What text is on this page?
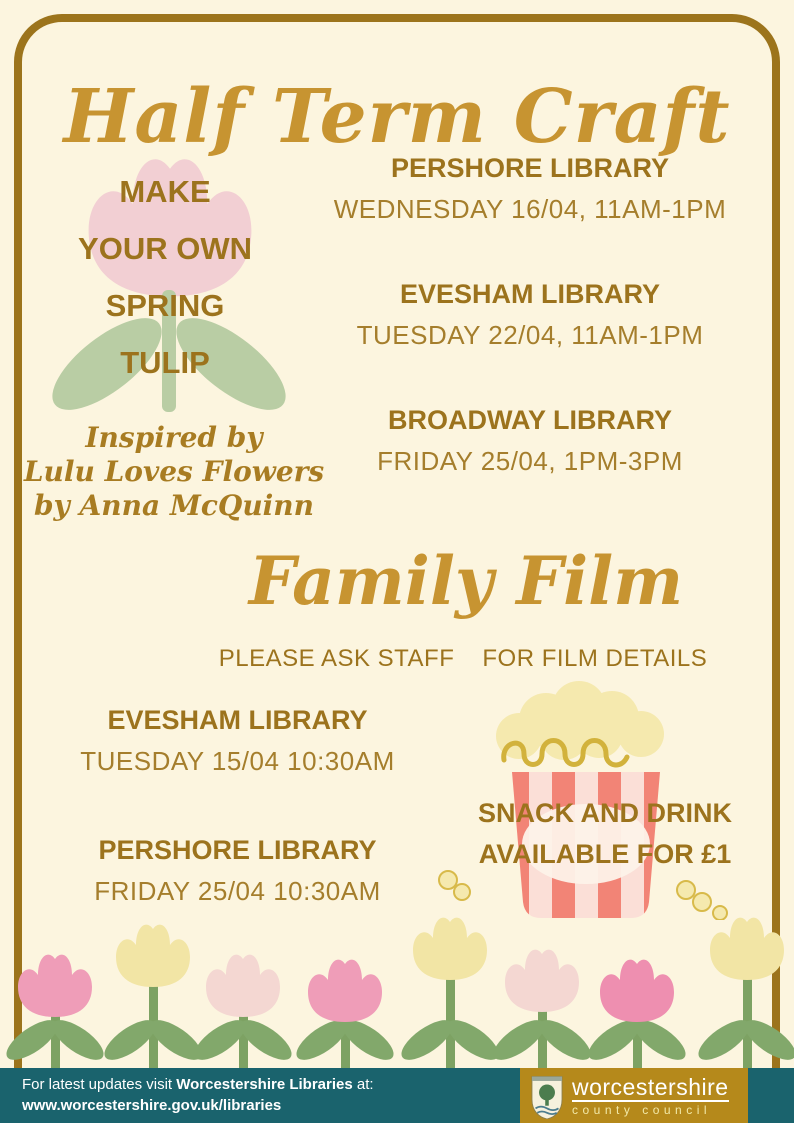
Half Term Craft
MAKE
YOUR OWN
SPRING
TULIP
PERSHORE LIBRARY
WEDNESDAY 16/04, 11AM-1PM
EVESHAM LIBRARY
TUESDAY 22/04, 11AM-1PM
BROADWAY LIBRARY
FRIDAY 25/04, 1PM-3PM
Inspired by
Lulu Loves Flowers
by Anna McQuinn
Family Film
PLEASE ASK STAFF FOR FILM DETAILS
EVESHAM LIBRARY
TUESDAY 15/04 10:30AM
PERSHORE LIBRARY
FRIDAY 25/04 10:30AM
SNACK AND DRINK
AVAILABLE FOR £1
For latest updates visit Worcestershire Libraries at:
www.worcestershire.gov.uk/libraries
worcestershire
county council
